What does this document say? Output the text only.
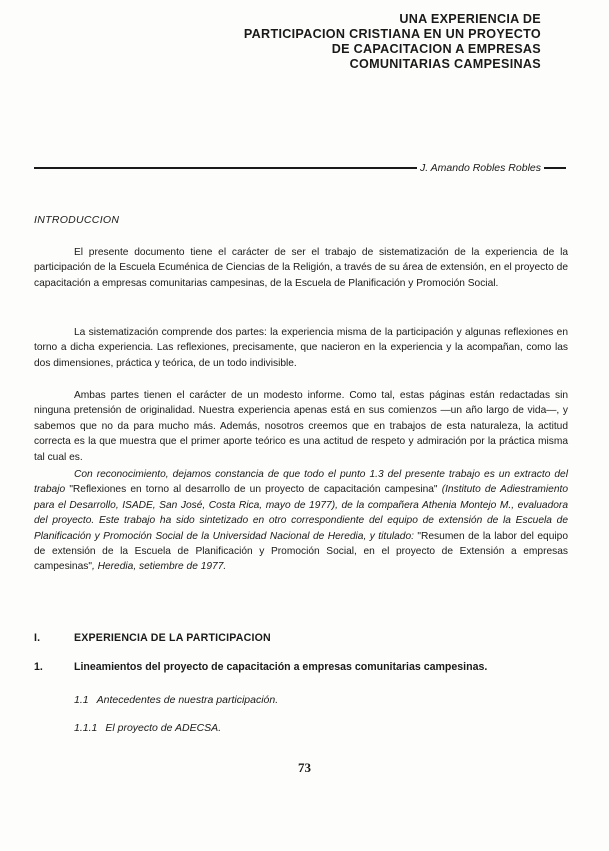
UNA EXPERIENCIA DE
PARTICIPACION CRISTIANA EN UN PROYECTO
DE CAPACITACION A EMPRESAS
COMUNITARIAS CAMPESINAS
J. Amando Robles Robles
INTRODUCCION

El presente documento tiene el carácter de ser el trabajo de sistematización de la experiencia de la participación de la Escuela Ecuménica de Ciencias de la Religión, a través de su área de extensión, en el proyecto de capacitación a empresas comunitarias campesinas, de la Escuela de Planificación y Promoción Social.

La sistematización comprende dos partes: la experiencia misma de la participación y algunas reflexiones en torno a dicha experiencia. Las reflexiones, precisamente, que nacieron en la experiencia y la acompañan, como las dos dimensiones, práctica y teórica, de un todo indivisible.

Ambas partes tienen el carácter de un modesto informe. Como tal, estas páginas están redactadas sin ninguna pretensión de originalidad. Nuestra experiencia apenas está en sus comienzos —un año largo de vida—, y sabemos que no da para mucho más. Además, nosotros creemos que en trabajos de esta naturaleza, la actitud correcta es la que muestra que el primer aporte teórico es una actitud de respeto y admiración por la práctica misma tal cual es.

Con reconocimiento, dejamos constancia de que todo el punto 1.3 del presente trabajo es un extracto del trabajo "Reflexiones en torno al desarrollo de un proyecto de capacitación campesina" (Instituto de Adiestramiento para el Desarrollo, ISADE, San José, Costa Rica, mayo de 1977), de la compañera Athenia Montejo M., evaluadora del proyecto. Este trabajo ha sido sintetizado en otro correspondiente del equipo de extensión de la Escuela de Planificación y Promoción Social de la Universidad Nacional de Heredia, y titulado: "Resumen de la labor del equipo de extensión de la Escuela de Planificación y Promoción Social, en el proyecto de Extensión a empresas campesinas", Heredia, setiembre de 1977.

I.	EXPERIENCIA DE LA PARTICIPACION
1.	Lineamientos del proyecto de capacitación a empresas comunitarias campesinas.
1.1 Antecedentes de nuestra participación.
1.1.1 El proyecto de ADECSA.
73
